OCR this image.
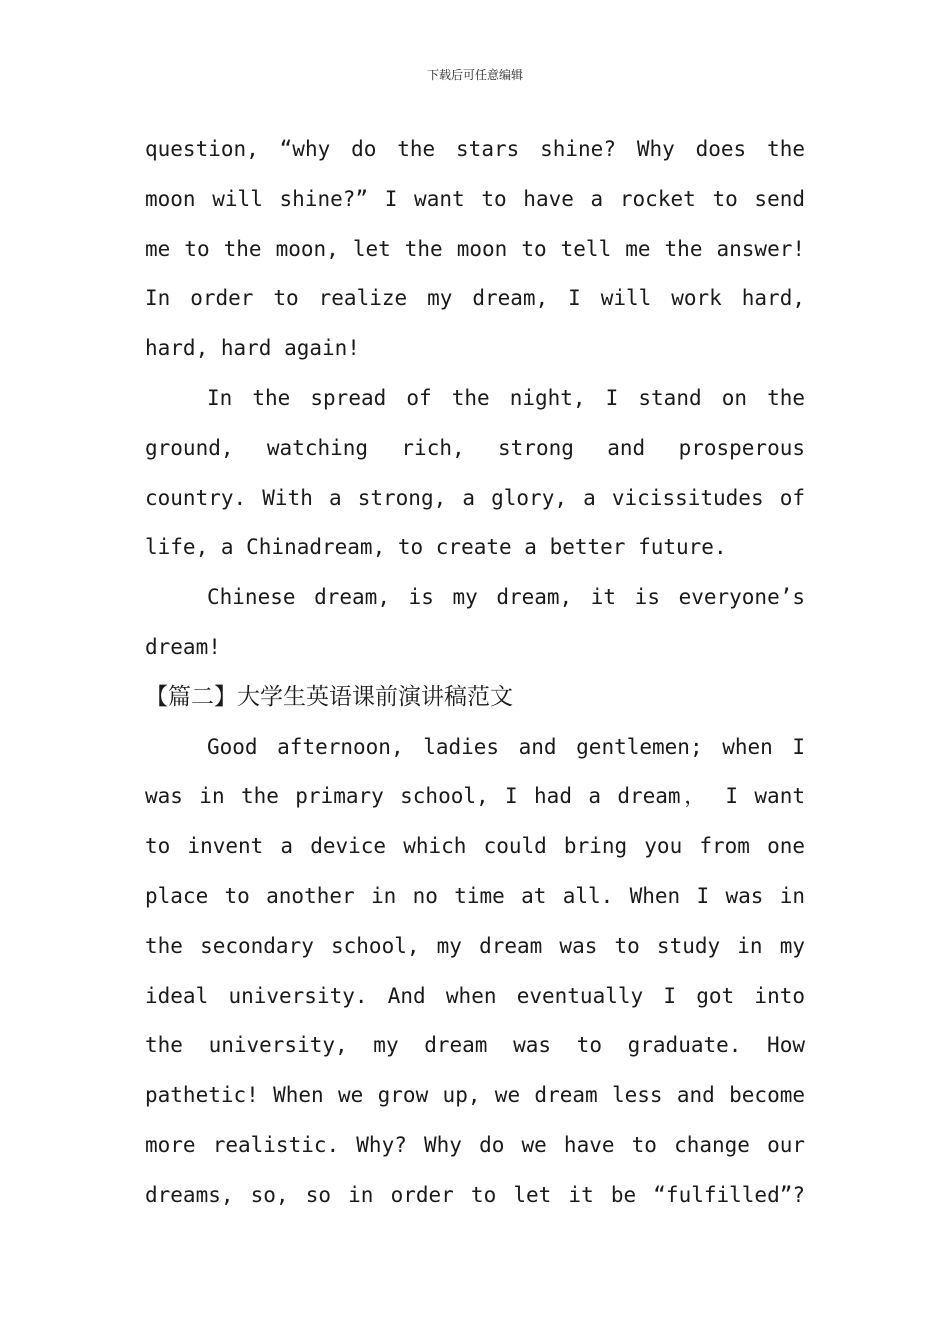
下载后可任意编辑
question, “why do the stars shine? Why does the
moon will shine?” I want to have a rocket to send
me to the moon, let the moon to tell me the answer!
In order to realize my dream, I will work hard,
hard, hard again!
In the spread of the night, I stand on the
ground, watching rich, strong and prosperous
country. With a strong, a glory, a vicissitudes of
life, a Chinadream, to create a better future.
Chinese dream, is my dream, it is everyone’s
dream!
【篇二】大学生英语课前演讲稿范文
Good afternoon, ladies and gentlemen; when I
was in the primary school, I had a dream， I want
to invent a device which could bring you from one
place to another in no time at all. When I was in
the secondary school, my dream was to study in my
ideal university. And when eventually I got into
the university, my dream was to graduate. How
pathetic! When we grow up, we dream less and become
more realistic. Why? Why do we have to change our
dreams, so, so in order to let it be “fulfilled”?
